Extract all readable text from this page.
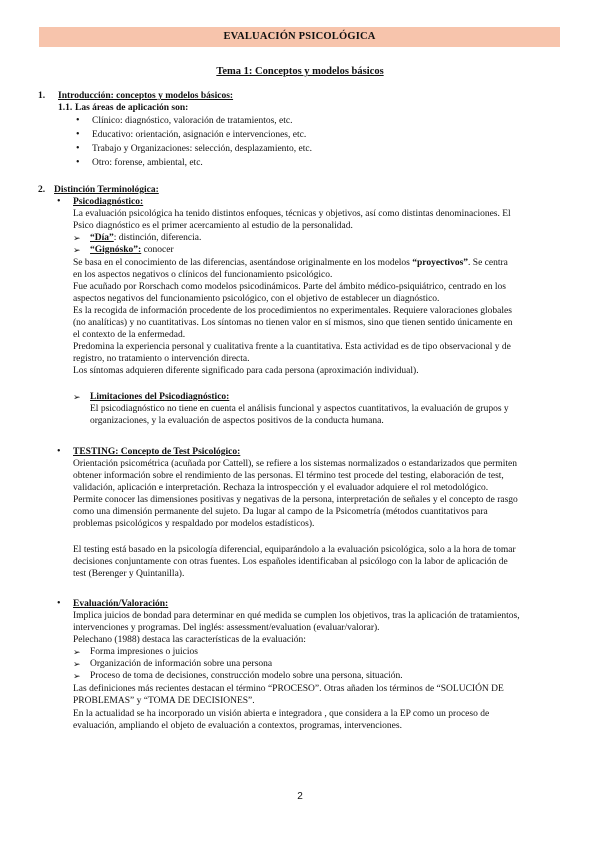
EVALUACIÓN PSICOLÓGICA
Tema 1: Conceptos y modelos básicos
1. Introducción: conceptos y modelos básicos:
1.1. Las áreas de aplicación son:
• Clínico: diagnóstico, valoración de tratamientos, etc.
• Educativo: orientación, asignación e intervenciones, etc.
• Trabajo y Organizaciones: selección, desplazamiento, etc.
• Otro: forense, ambiental, etc.
2. Distinción Terminológica:
• Psicodiagnóstico:
La evaluación psicológica ha tenido distintos enfoques, técnicas y objetivos, así como distintas denominaciones. El
Psico diagnóstico es el primer acercamiento al estudio de la personalidad.
➢ “Día”: distinción, diferencia.
➢ “Gignósko”: conocer
Se basa en el conocimiento de las diferencias, asentándose originalmente en los modelos “proyectivos”. Se centra
en los aspectos negativos o clínicos del funcionamiento psicológico.
Fue acuñado por Rorschach como modelos psicodinámicos. Parte del ámbito médico-psiquiátrico, centrado en los
aspectos negativos del funcionamiento psicológico, con el objetivo de establecer un diagnóstico.
Es la recogida de información procedente de los procedimientos no experimentales. Requiere valoraciones globales
(no analíticas) y no cuantitativas. Los síntomas no tienen valor en sí mismos, sino que tienen sentido únicamente en
el contexto de la enfermedad.
Predomina la experiencia personal y cualitativa frente a la cuantitativa. Esta actividad es de tipo observacional y de
registro, no tratamiento o intervención directa.
Los síntomas adquieren diferente significado para cada persona (aproximación individual).
➢ Limitaciones del Psicodiagnóstico:
El psicodiagnóstico no tiene en cuenta el análisis funcional y aspectos cuantitativos, la evaluación de grupos y
organizaciones, y la evaluación de aspectos positivos de la conducta humana.
• TESTING: Concepto de Test Psicológico:
Orientación psicométrica (acuñada por Cattell), se refiere a los sistemas normalizados o estandarizados que permiten
obtener información sobre el rendimiento de las personas. El término test procede del testing, elaboración de test,
validación, aplicación e interpretación. Rechaza la introspección y el evaluador adquiere el rol metodológico.
Permite conocer las dimensiones positivas y negativas de la persona, interpretación de señales y el concepto de rasgo
como una dimensión permanente del sujeto. Da lugar al campo de la Psicometría (métodos cuantitativos para
problemas psicológicos y respaldado por modelos estadísticos).
El testing está basado en la psicología diferencial, equiparándolo a la evaluación psicológica, solo a la hora de tomar
decisiones conjuntamente con otras fuentes. Los españoles identificaban al psicólogo con la labor de aplicación de
test (Berenger y Quintanilla).
• Evaluación/Valoración:
Implica juicios de bondad para determinar en qué medida se cumplen los objetivos, tras la aplicación de tratamientos,
intervenciones y programas. Del inglés: assessment/evaluation (evaluar/valorar).
Pelechano (1988) destaca las características de la evaluación:
➢ Forma impresiones o juicios
➢ Organización de información sobre una persona
➢ Proceso de toma de decisiones, construcción modelo sobre una persona, situación.
Las definiciones más recientes destacan el término “PROCESO”. Otras añaden los términos de “SOLUCIÓN DE
PROBLEMAS” y “TOMA DE DECISIONES”.
En la actualidad se ha incorporado un visión abierta e integradora , que considera a la EP como un proceso de
evaluación, ampliando el objeto de evaluación a contextos, programas, intervenciones.
2
